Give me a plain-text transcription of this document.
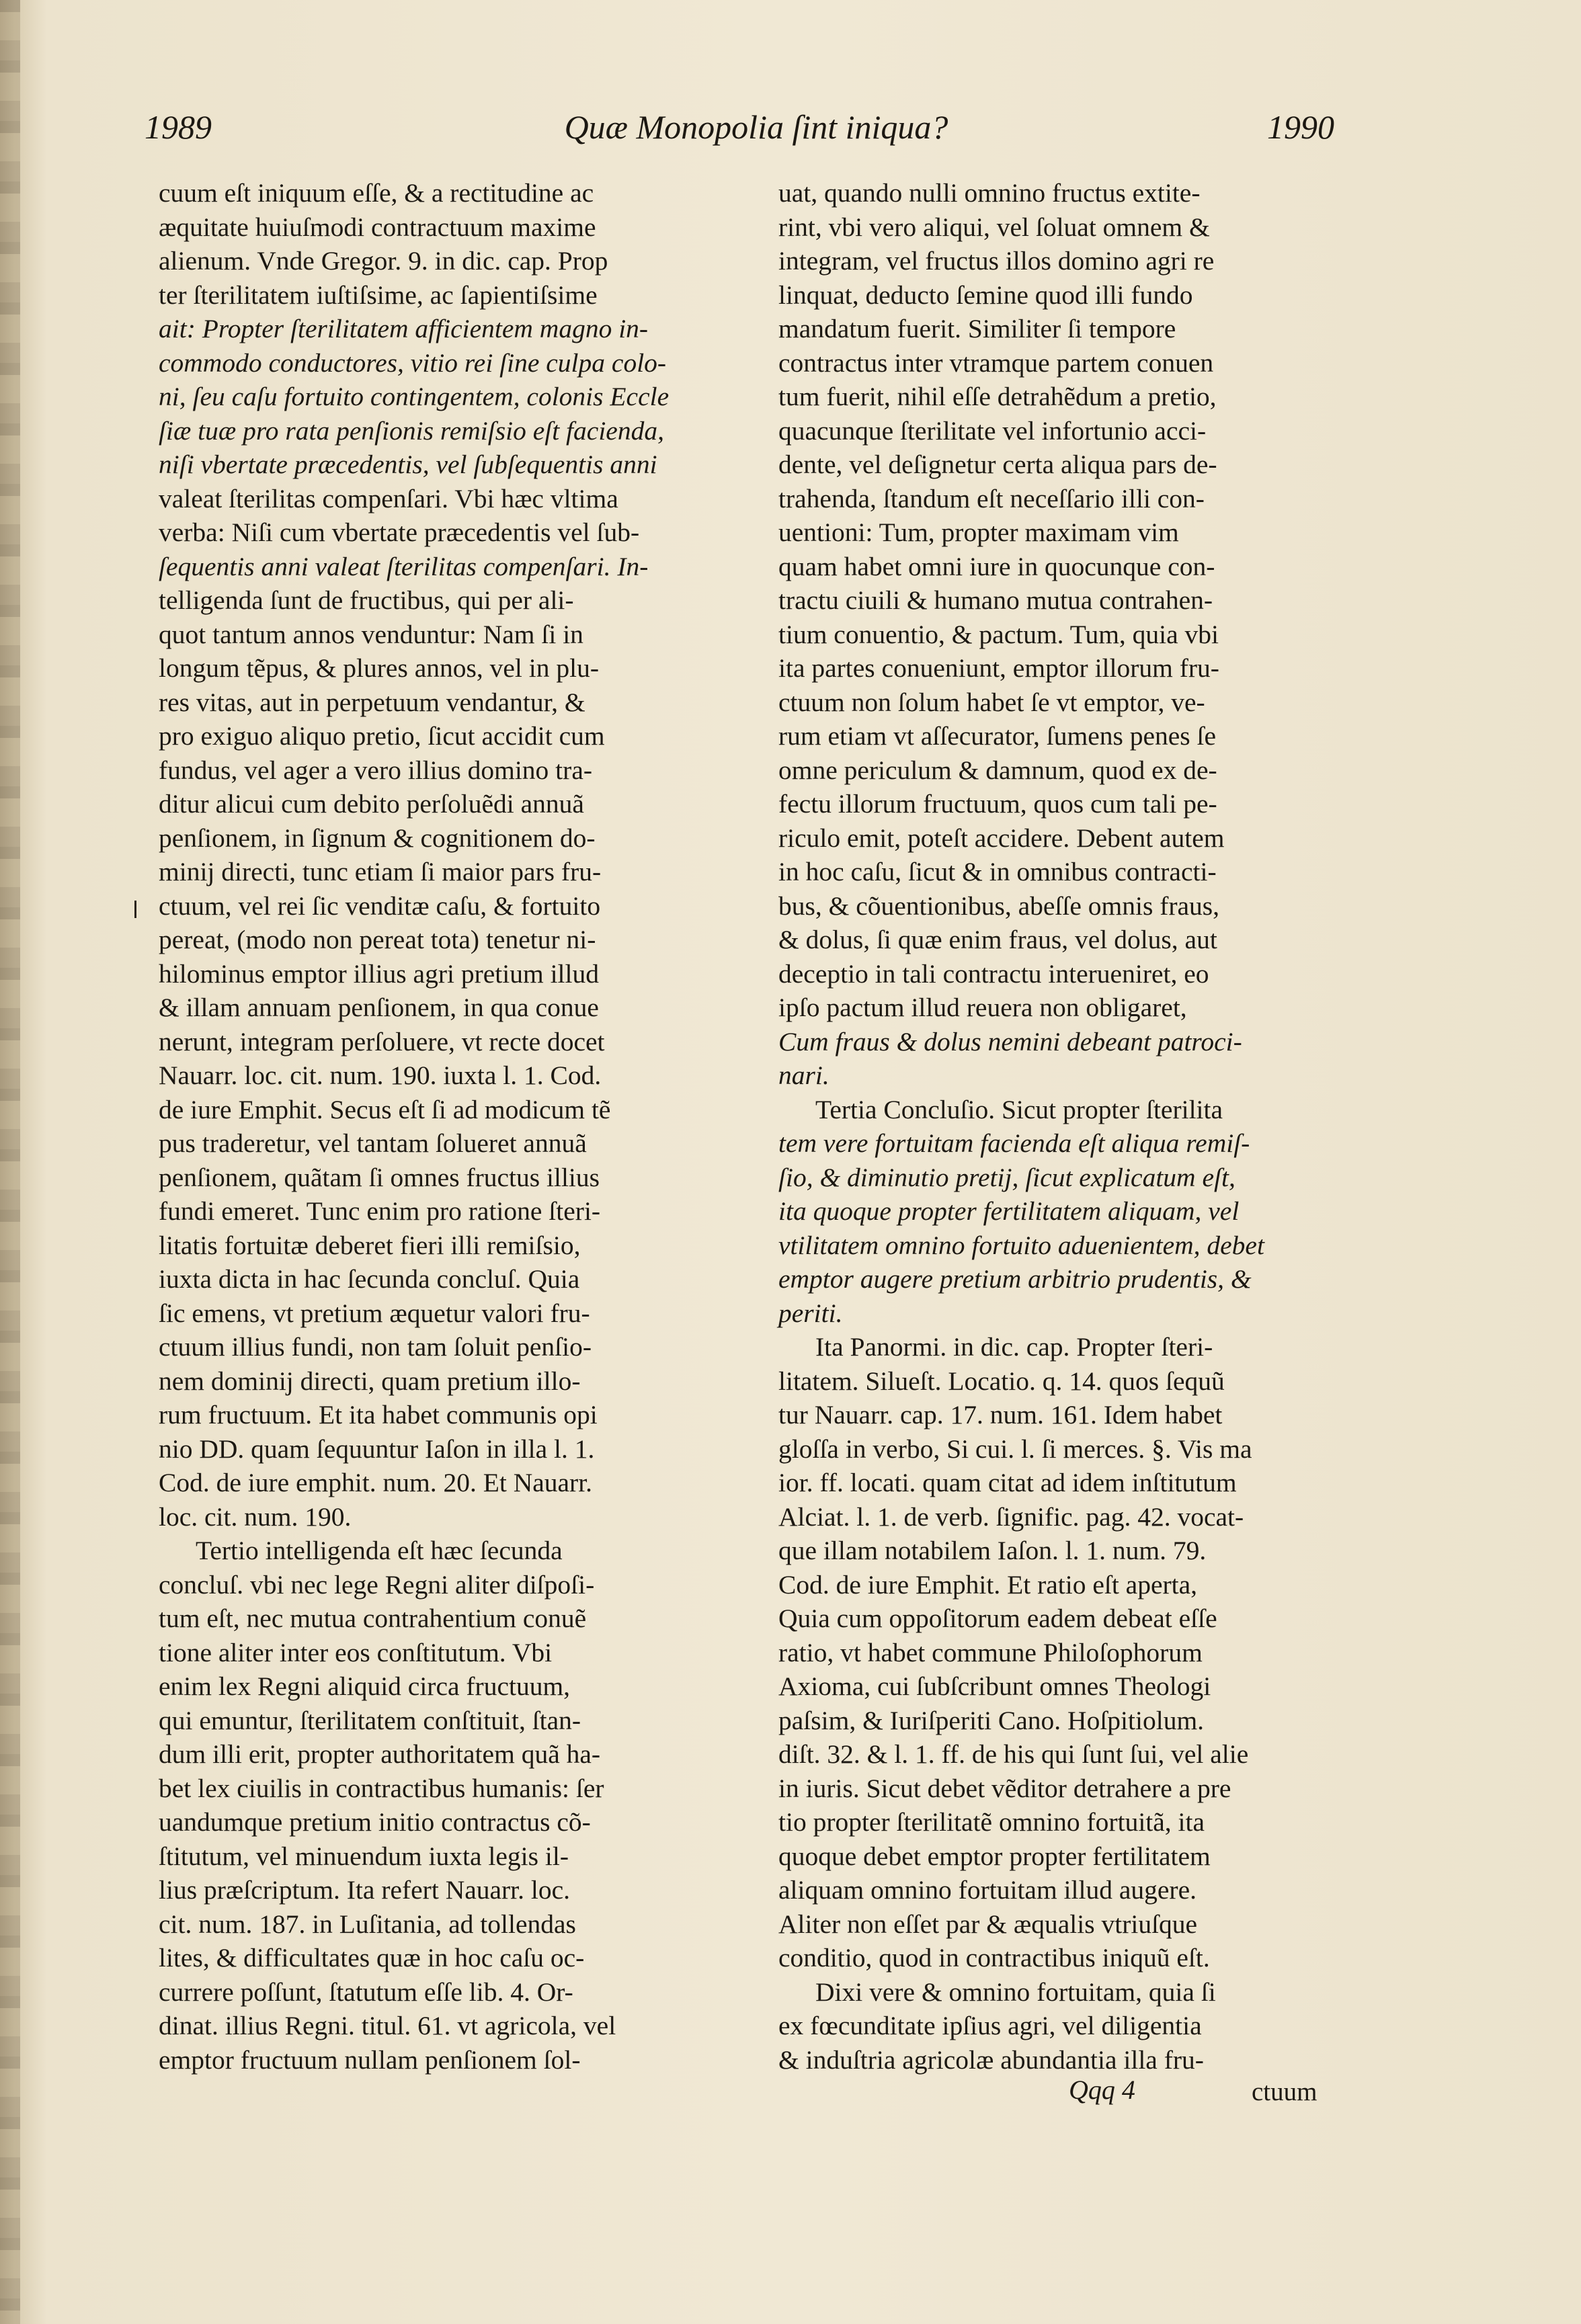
1989	Quæ Monopolia ſint iniqua?	1990
cuum eſt iniquum eſſe, & a rectitudine ac
æquitate huiuſmodi contractuum maxime
alienum. Vnde Gregor. 9. in dic. cap. Prop
ter ſterilitatem iuſtiſsime, ac ſapientiſsime
ait: Propter ſterilitatem afficientem magno in-
commodo conductores, vitio rei ſine culpa colo-
ni, ſeu caſu fortuito contingentem, colonis Eccle
ſiæ tuæ pro rata penſionis remiſsio eſt facienda,
niſi vbertate præcedentis, vel ſubſequentis anni
valeat ſterilitas compenſari. Vbi hæc vltima
verba: Niſi cum vbertate præcedentis vel ſub-
ſequentis anni valeat ſterilitas compenſari. In-
telligenda ſunt de fructibus, qui per ali-
quot tantum annos venduntur: Nam ſi in
longum tẽpus, & plures annos, vel in plu-
res vitas, aut in perpetuum vendantur, &
pro exiguo aliquo pretio, ſicut accidit cum
fundus, vel ager a vero illius domino tra-
ditur alicui cum debito perſoluẽdi annuã
penſionem, in ſignum & cognitionem do-
minij directi, tunc etiam ſi maior pars fru-
ctuum, vel rei ſic venditæ caſu, & fortuito
pereat, (modo non pereat tota) tenetur ni-
hilominus emptor illius agri pretium illud
& illam annuam penſionem, in qua conue
nerunt, integram perſoluere, vt recte docet
Nauarr. loc. cit. num. 190. iuxta l. 1. Cod.
de iure Emphit. Secus eſt ſi ad modicum tẽ
pus traderetur, vel tantam ſolueret annuã
penſionem, quãtam ſi omnes fructus illius
fundi emeret. Tunc enim pro ratione ſteri-
litatis fortuitæ deberet fieri illi remiſsio,
iuxta dicta in hac ſecunda concluſ. Quia
ſic emens, vt pretium æquetur valori fru-
ctuum illius fundi, non tam ſoluit penſio-
nem dominij directi, quam pretium illo-
rum fructuum. Et ita habet communis opi
nio DD. quam ſequuntur Iaſon in illa l. 1.
Cod. de iure emphit. num. 20. Et Nauarr.
loc. cit. num. 190.
Tertio intelligenda eſt hæc ſecunda
concluſ. vbi nec lege Regni aliter diſpoſi-
tum eſt, nec mutua contrahentium conuẽ
tione aliter inter eos conſtitutum. Vbi
enim lex Regni aliquid circa fructuum,
qui emuntur, ſterilitatem conſtituit, ſtan-
dum illi erit, propter authoritatem quã ha-
bet lex ciuilis in contractibus humanis: ſer
uandumque pretium initio contractus cõ-
ſtitutum, vel minuendum iuxta legis il-
lius præſcriptum. Ita refert Nauarr. loc.
cit. num. 187. in Luſitania, ad tollendas
lites, & difficultates quæ in hoc caſu oc-
currere poſſunt, ſtatutum eſſe lib. 4. Or-
dinat. illius Regni. titul. 61. vt agricola, vel
emptor fructuum nullam penſionem ſol-
uat, quando nulli omnino fructus extite-
rint, vbi vero aliqui, vel ſoluat omnem &
integram, vel fructus illos domino agri re
linquat, deducto ſemine quod illi fundo
mandatum fuerit. Similiter ſi tempore
contractus inter vtramque partem conuen
tum fuerit, nihil eſſe detrahẽdum a pretio,
quacunque ſterilitate vel infortunio acci-
dente, vel deſignetur certa aliqua pars de-
trahenda, ſtandum eſt neceſſario illi con-
uentioni: Tum, propter maximam vim
quam habet omni iure in quocunque con-
tractu ciuili & humano mutua contrahen-
tium conuentio, & pactum. Tum, quia vbi
ita partes conueniunt, emptor illorum fru-
ctuum non ſolum habet ſe vt emptor, ve-
rum etiam vt aſſecurator, ſumens penes ſe
omne periculum & damnum, quod ex de-
fectu illorum fructuum, quos cum tali pe-
riculo emit, poteſt accidere. Debent autem
in hoc caſu, ſicut & in omnibus contracti-
bus, & cõuentionibus, abeſſe omnis fraus,
& dolus, ſi quæ enim fraus, vel dolus, aut
deceptio in tali contractu interueniret, eo
ipſo pactum illud reuera non obligaret,
Cum fraus & dolus nemini debeant patroci-
nari.
Tertia Concluſio. Sicut propter ſterilita
tem vere fortuitam facienda eſt aliqua remiſ-
ſio, & diminutio pretij, ſicut explicatum eſt,
ita quoque propter fertilitatem aliquam, vel
vtilitatem omnino fortuito aduenientem, debet
emptor augere pretium arbitrio prudentis, &
periti.
Ita Panormi. in dic. cap. Propter ſteri-
litatem. Silueſt. Locatio. q. 14. quos ſequũ
tur Nauarr. cap. 17. num. 161. Idem habet
gloſſa in verbo, Si cui. l. ſi merces. §. Vis ma
ior. ff. locati. quam citat ad idem inſtitutum
Alciat. l. 1. de verb. ſignific. pag. 42. vocat-
que illam notabilem Iaſon. l. 1. num. 79.
Cod. de iure Emphit. Et ratio eſt aperta,
Quia cum oppoſitorum eadem debeat eſſe
ratio, vt habet commune Philoſophorum
Axioma, cui ſubſcribunt omnes Theologi
paſsim, & Iuriſperiti Cano. Hoſpitiolum.
diſt. 32. & l. 1. ff. de his qui ſunt ſui, vel alie
in iuris. Sicut debet vẽditor detrahere a pre
tio propter ſterilitatẽ omnino fortuitã, ita
quoque debet emptor propter fertilitatem
aliquam omnino fortuitam illud augere.
Aliter non eſſet par & æqualis vtriuſque
conditio, quod in contractibus iniquũ eſt.
Dixi vere & omnino fortuitam, quia ſi
ex fœcunditate ipſius agri, vel diligentia
& induſtria agricolæ abundantia illa fru-
Qqq 4	ctuum
